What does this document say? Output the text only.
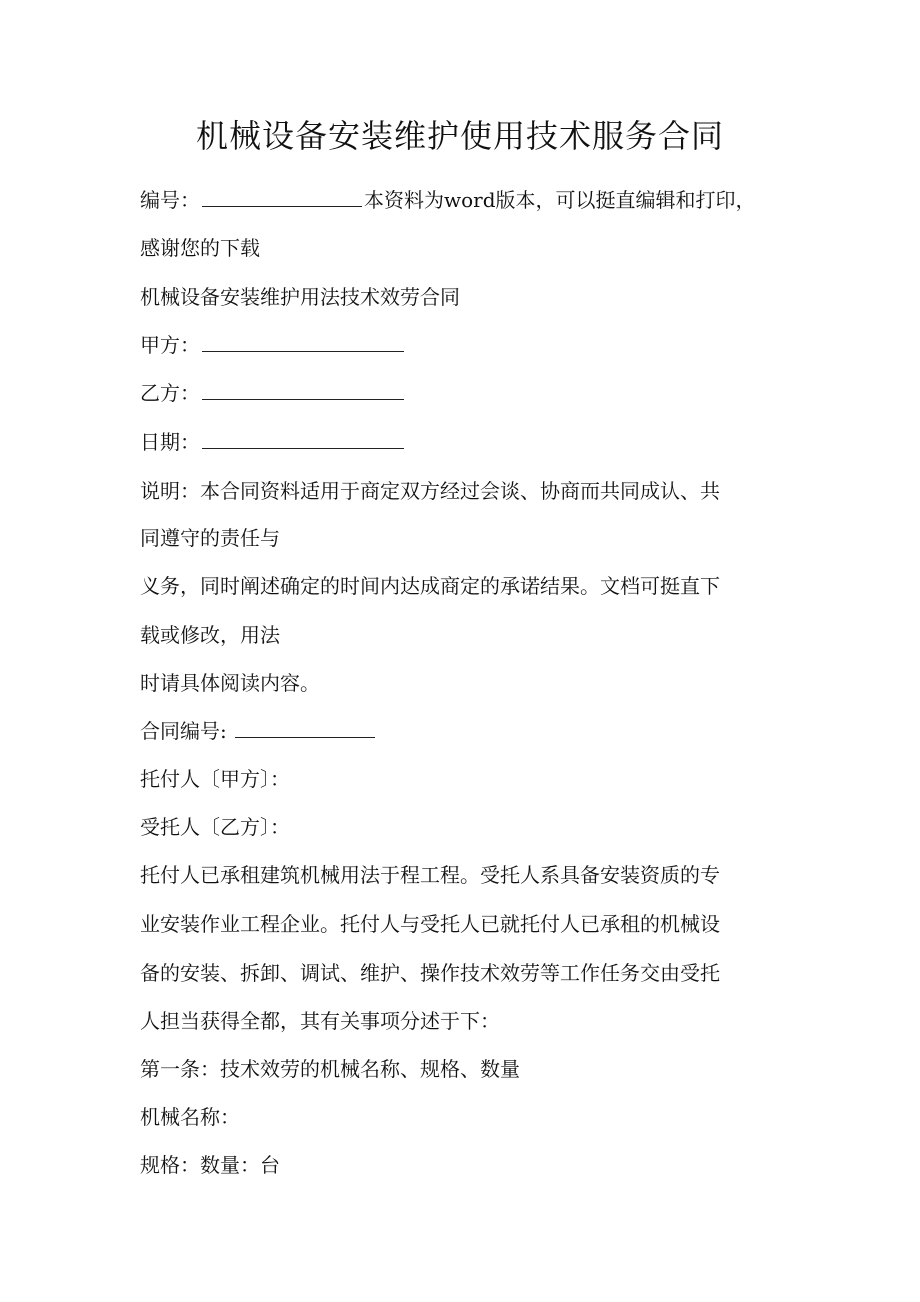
机械设备安装维护使用技术服务合同
编号：	本资料为word版本，可以挺直编辑和打印，
感谢您的下载
机械设备安装维护用法技术效劳合同
甲方：
乙方：
日期：
说明：本合同资料适用于商定双方经过会谈、协商而共同成认、共
同遵守的责任与
义务，同时阐述确定的时间内达成商定的承诺结果。文档可挺直下
载或修改，用法
时请具体阅读内容。
合同编号:
托付人〔甲方〕：
受托人〔乙方〕：
托付人已承租建筑机械用法于程工程。受托人系具备安装资质的专
业安装作业工程企业。托付人与受托人已就托付人已承租的机械设
备的安装、拆卸、调试、维护、操作技术效劳等工作任务交由受托
人担当获得全都，其有关事项分述于下：
第一条：技术效劳的机械名称、规格、数量
机械名称：
规格：数量：台
